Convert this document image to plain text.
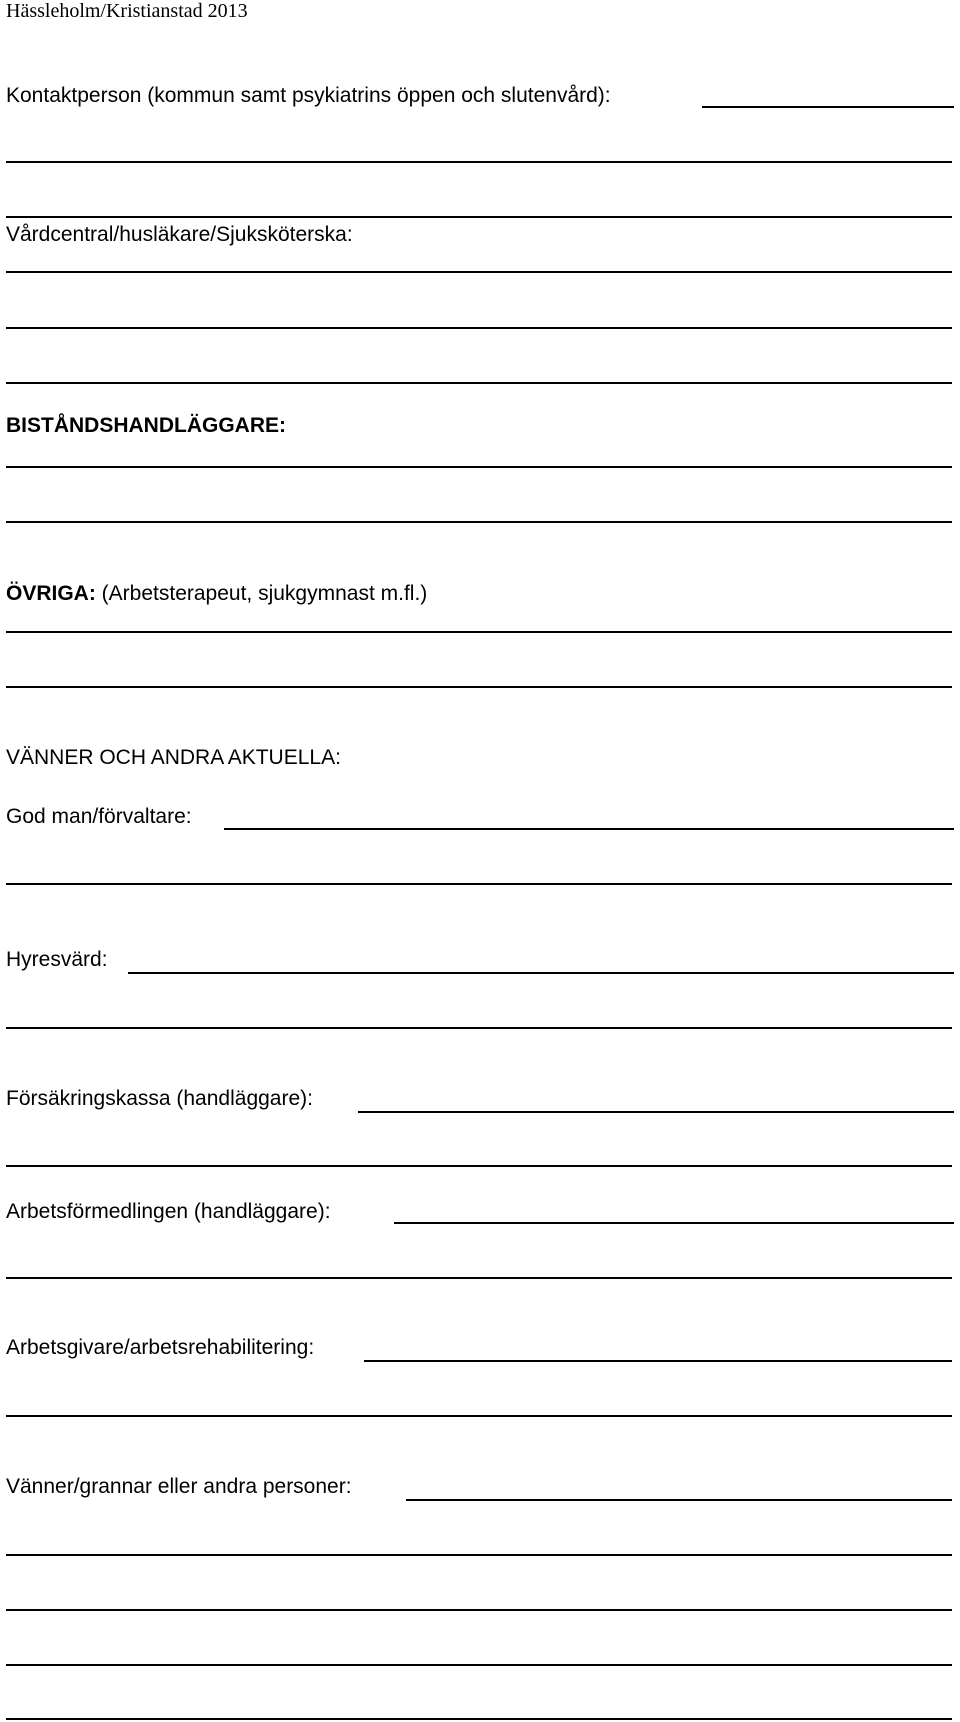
Hässleholm/Kristianstad 2013
Kontaktperson (kommun samt psykiatrins öppen och slutenvård):
Vårdcentral/husläkare/Sjuksköterska:
BISTÅNDSHANDLÄGGARE:
ÖVRIGA: (Arbetsterapeut, sjukgymnast m.fl.)
VÄNNER OCH ANDRA AKTUELLA:
God man/förvaltare:
Hyresvärd:
Försäkringskassa (handläggare):
Arbetsförmedlingen (handläggare):
Arbetsgivare/arbetsrehabilitering:
Vänner/grannar eller andra personer:
